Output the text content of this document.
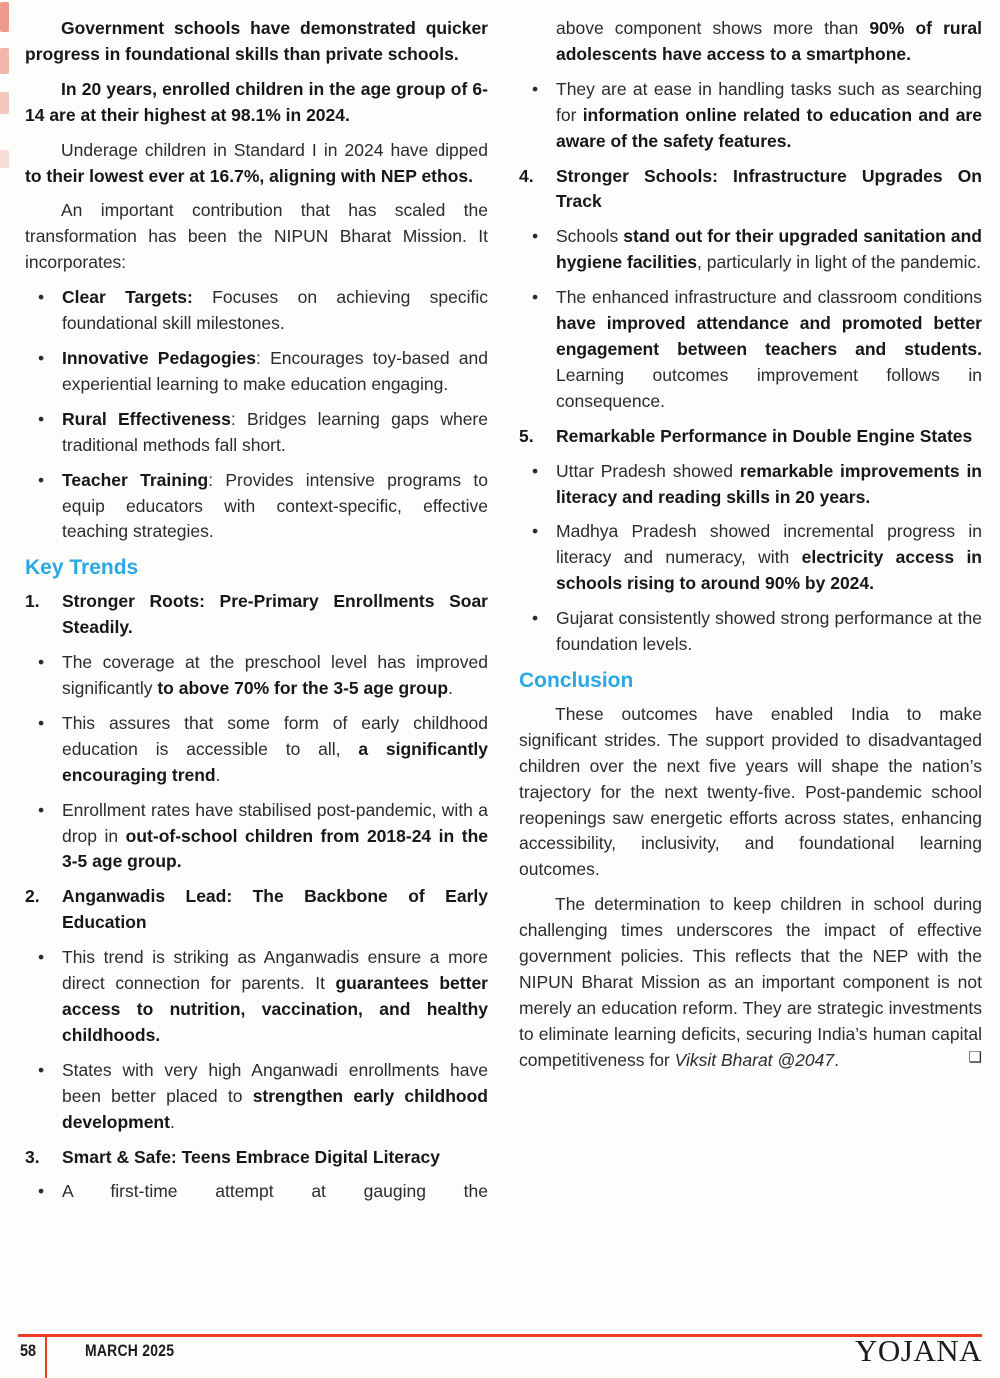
Government schools have demonstrated quicker progress in foundational skills than private schools.

In 20 years, enrolled children in the age group of 6-14 are at their highest at 98.1% in 2024.

Underage children in Standard I in 2024 have dipped to their lowest ever at 16.7%, aligning with NEP ethos.

An important contribution that has scaled the transformation has been the NIPUN Bharat Mission. It incorporates:

•	Clear Targets: Focuses on achieving specific foundational skill milestones.
•	Innovative Pedagogies: Encourages toy-based and experiential learning to make education engaging.
•	Rural Effectiveness: Bridges learning gaps where traditional methods fall short.
•	Teacher Training: Provides intensive programs to equip educators with context-specific, effective teaching strategies.
Key Trends
1.	Stronger Roots: Pre-Primary Enrollments Soar Steadily.
•	The coverage at the preschool level has improved significantly to above 70% for the 3-5 age group.
•	This assures that some form of early childhood education is accessible to all, a significantly encouraging trend.
•	Enrollment rates have stabilised post-pandemic, with a drop in out-of-school children from 2018-24 in the 3-5 age group.
2.	Anganwadis Lead: The Backbone of Early Education
•	This trend is striking as Anganwadis ensure a more direct connection for parents. It guarantees better access to nutrition, vaccination, and healthy childhoods.
•	States with very high Anganwadi enrollments have been better placed to strengthen early childhood development.
3.	Smart & Safe: Teens Embrace Digital Literacy
•	A first-time attempt at gauging the
above component shows more than 90% of rural adolescents have access to a smartphone.
•	They are at ease in handling tasks such as searching for information online related to education and are aware of the safety features.
4.	Stronger Schools: Infrastructure Upgrades On Track
•	Schools stand out for their upgraded sanitation and hygiene facilities, particularly in light of the pandemic.
•	The enhanced infrastructure and classroom conditions have improved attendance and promoted better engagement between teachers and students. Learning outcomes improvement follows in consequence.
5.	Remarkable Performance in Double Engine States
•	Uttar Pradesh showed remarkable improvements in literacy and reading skills in 20 years.
•	Madhya Pradesh showed incremental progress in literacy and numeracy, with electricity access in schools rising to around 90% by 2024.
•	Gujarat consistently showed strong performance at the foundation levels.
Conclusion

These outcomes have enabled India to make significant strides. The support provided to disadvantaged children over the next five years will shape the nation’s trajectory for the next twenty-five. Post-pandemic school reopenings saw energetic efforts across states, enhancing accessibility, inclusivity, and foundational learning outcomes.

The determination to keep children in school during challenging times underscores the impact of effective government policies. This reflects that the NEP with the NIPUN Bharat Mission as an important component is not merely an education reform. They are strategic investments to eliminate learning deficits, securing India’s human capital competitiveness for Viksit Bharat @2047.	❑

58	MARCH 2025	YOJANA
